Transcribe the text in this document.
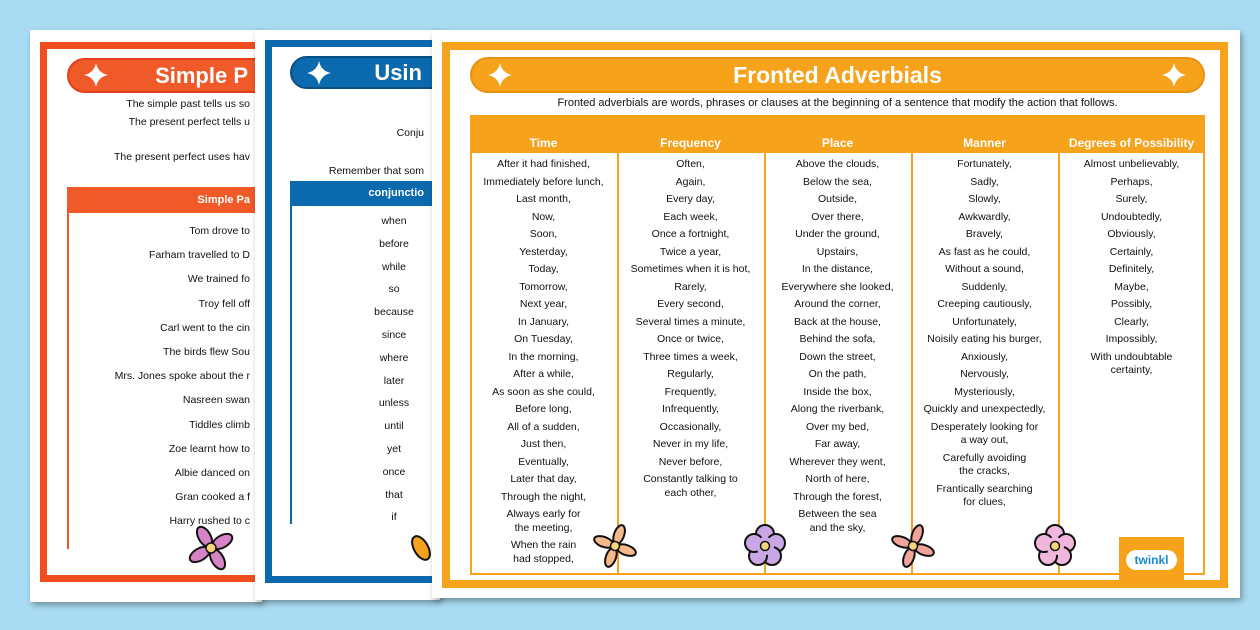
Simple P
The simple past tells us so
The present perfect tells u
The present perfect uses hav
Simple Pa
Tom drove to
Farham travelled to D
We trained fo
Troy fell off
Carl went to the cin
The birds flew Sou
Mrs. Jones spoke about the r
Nasreen swan
Tiddles climb
Zoe learnt how to
Albie danced on
Gran cooked a f
Harry rushed to c
Usin
Conju
Remember that som
conjunctio
when
before
while
so
because
since
where
later
unless
until
yet
once
that
if
Fronted Adverbials
Fronted adverbials are words, phrases or clauses at the beginning of a sentence that modify the action that follows.
Time
After it had finished,
Immediately before lunch,
Last month,
Now,
Soon,
Yesterday,
Today,
Tomorrow,
Next year,
In January,
On Tuesday,
In the morning,
After a while,
As soon as she could,
Before long,
All of a sudden,
Just then,
Eventually,
Later that day,
Through the night,
Always early for
the meeting,
When the rain
had stopped,
Frequency
Often,
Again,
Every day,
Each week,
Once a fortnight,
Twice a year,
Sometimes when it is hot,
Rarely,
Every second,
Several times a minute,
Once or twice,
Three times a week,
Regularly,
Frequently,
Infrequently,
Occasionally,
Never in my life,
Never before,
Constantly talking to
each other,
Place
Above the clouds,
Below the sea,
Outside,
Over there,
Under the ground,
Upstairs,
In the distance,
Everywhere she looked,
Around the corner,
Back at the house,
Behind the sofa,
Down the street,
On the path,
Inside the box,
Along the riverbank,
Over my bed,
Far away,
Wherever they went,
North of here,
Through the forest,
Between the sea
and the sky,
Manner
Fortunately,
Sadly,
Slowly,
Awkwardly,
Bravely,
As fast as he could,
Without a sound,
Suddenly,
Creeping cautiously,
Unfortunately,
Noisily eating his burger,
Anxiously,
Nervously,
Mysteriously,
Quickly and unexpectedly,
Desperately looking for
a way out,
Carefully avoiding
the cracks,
Frantically searching
for clues,
Degrees of Possibility
Almost unbelievably,
Perhaps,
Surely,
Undoubtedly,
Obviously,
Certainly,
Definitely,
Maybe,
Possibly,
Clearly,
Impossibly,
With undoubtable
certainty,
twinkl
